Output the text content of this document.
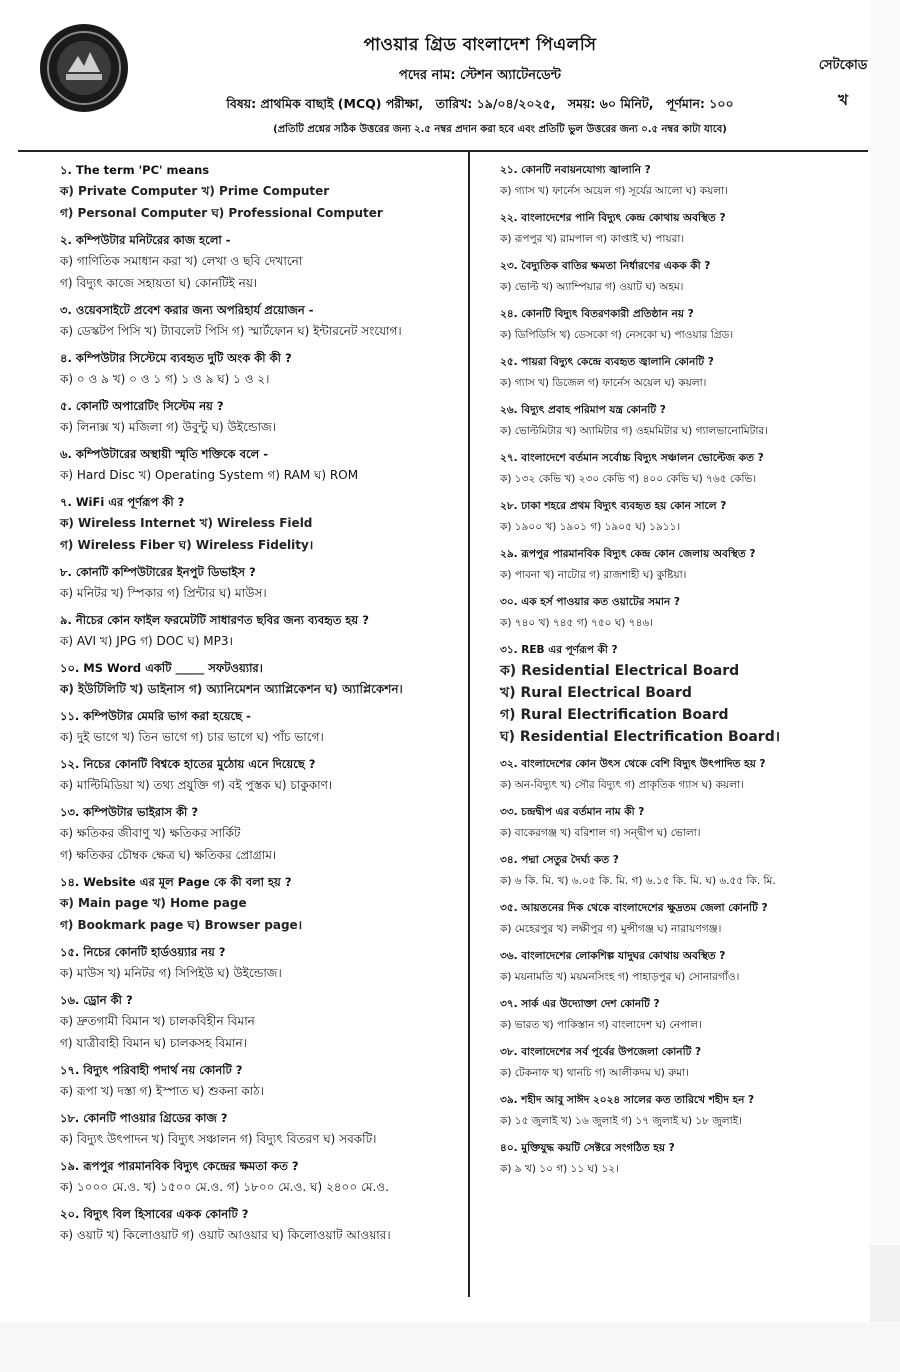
পাওয়ার গ্রিড বাংলাদেশ পিএলসি
পদের নাম: স্টেশন অ্যাটেনডেন্ট
বিষয়: প্রাথমিক বাছাই (MCQ) পরীক্ষা, তারিখ: ১৯/০৪/২০২৫, সময়: ৬০ মিনিট, পূর্ণমান: ১০০
(প্রতিটি প্রশ্নের সঠিক উত্তরের জন্য ২.৫ নম্বর প্রদান করা হবে এবং প্রতিটি ভুল উত্তরের জন্য ০.৫ নম্বর কাটা যাবে)
সেটকোড
খ
১. The term 'PC' means
ক) Private Computer খ) Prime Computer
গ) Personal Computer ঘ) Professional Computer
২. কম্পিউটার মনিটরের কাজ হলো -
ক) গাণিতিক সমাধান করা খ) লেখা ও ছবি দেখানো
গ) বিদ্যুৎ কাজে সহায়তা ঘ) কোনটিই নয়।
৩. ওয়েবসাইটে প্রবেশ করার জন্য অপরিহার্য প্রয়োজন -
ক) ডেস্কটপ পিসি খ) ট্যাবলেট পিসি গ) স্মার্টফোন ঘ) ইন্টারনেট সংযোগ।
৪. কম্পিউটার সিস্টেমে ব্যবহৃত দুটি অংক কী কী ?
ক) ০ ও ৯ খ) ০ ও ১ গ) ১ ও ৯ ঘ) ১ ও ২।
৫. কোনটি অপারেটিং সিস্টেম নয় ?
ক) লিনাক্স খ) মজিলা গ) উবুন্টু ঘ) উইন্ডোজ।
৬. কম্পিউটারের অস্থায়ী স্মৃতি শক্তিকে বলে -
ক) Hard Disc খ) Operating System গ) RAM ঘ) ROM
৭. WiFi এর পূর্ণরূপ কী ?
ক) Wireless Internet খ) Wireless Field
গ) Wireless Fiber ঘ) Wireless Fidelity।
৮. কোনটি কম্পিউটারের ইনপুট ডিভাইস ?
ক) মনিটর খ) স্পিকার গ) প্রিন্টার ঘ) মাউস।
৯. নীচের কোন ফাইল ফরমেটটি সাধারণত ছবির জন্য ব্যবহৃত হয় ?
ক) AVI খ) JPG গ) DOC ঘ) MP3।
১০. MS Word একটি _____ সফটওয়্যার।
ক) ইউটিলিটি খ) ডাইনাস গ) অ্যানিমেশন অ্যাপ্লিকেশন ঘ) অ্যাপ্লিকেশন।
১১. কম্পিউটার মেমরি ভাগ করা হয়েছে -
ক) দুই ভাগে খ) তিন ভাগে গ) চার ভাগে ঘ) পাঁচ ভাগে।
১২. নিচের কোনটি বিশ্বকে হাতের মুঠোয় এনে দিয়েছে ?
ক) মাল্টিমিডিয়া খ) তথ্য প্রযুক্তি গ) বই পুস্তক ঘ) চাকুকাণ।
১৩. কম্পিউটার ভাইরাস কী ?
ক) ক্ষতিকর জীবাণু খ) ক্ষতিকর সার্কিট
গ) ক্ষতিকর চৌম্বক ক্ষেত্র ঘ) ক্ষতিকর প্রোগ্রাম।
১৪. Website এর মূল Page কে কী বলা হয় ?
ক) Main page খ) Home page
গ) Bookmark page ঘ) Browser page।
১৫. নিচের কোনটি হার্ডওয়্যার নয় ?
ক) মাউস খ) মনিটর গ) সিপিইউ ঘ) উইন্ডোজ।
১৬. ড্রোন কী ?
ক) দ্রুতগামী বিমান খ) চালকবিহীন বিমান
গ) যাত্রীবাহী বিমান ঘ) চালকসহ বিমান।
১৭. বিদ্যুৎ পরিবাহী পদার্থ নয় কোনটি ?
ক) রূপা খ) দস্তা গ) ইস্পাত ঘ) শুকনা কাঠ।
১৮. কোনটি পাওয়ার গ্রিডের কাজ ?
ক) বিদ্যুৎ উৎপাদন খ) বিদ্যুৎ সঞ্চালন গ) বিদ্যুৎ বিতরণ ঘ) সবকটি।
১৯. রূপপুর পারমানবিক বিদ্যুৎ কেন্দ্রের ক্ষমতা কত ?
ক) ১০০০ মে.ও. খ) ১৫০০ মে.ও. গ) ১৮০০ মে.ও. ঘ) ২৪০০ মে.ও.
২০. বিদ্যুৎ বিল হিসাবের একক কোনটি ?
ক) ওয়াট খ) কিলোওয়াট গ) ওয়াট আওয়ার ঘ) কিলোওয়াট আওয়ার।
২১. কোনটি নবায়নযোগ্য জ্বালানি ?
ক) গ্যাস খ) ফার্নেস অয়েল গ) সূর্যের আলো ঘ) কয়লা।
২২. বাংলাদেশের পানি বিদ্যুৎ কেন্দ্র কোথায় অবস্থিত ?
ক) রূপপুর খ) রামপাল গ) কাপ্তাই ঘ) পায়রা।
২৩. বৈদ্যুতিক বাতির ক্ষমতা নির্ধারণের একক কী ?
ক) ভোল্ট খ) অ্যাম্পিয়ার গ) ওয়াট ঘ) অহম।
২৪. কোনটি বিদ্যুৎ বিতরণকারী প্রতিষ্ঠান নয় ?
ক) ডিপিডিসি খ) ডেসকো গ) নেসকো ঘ) পাওয়ার গ্রিড।
২৫. পায়রা বিদ্যুৎ কেন্দ্রে ব্যবহৃত জ্বালানি কোনটি ?
ক) গ্যাস খ) ডিজেল গ) ফার্নেস অয়েল ঘ) কয়লা।
২৬. বিদ্যুৎ প্রবাহ পরিমাপ যন্ত্র কোনটি ?
ক) ভোল্টমিটার খ) অ্যামিটার গ) ওহমমিটার ঘ) গ্যালভানোমিটার।
২৭. বাংলাদেশে বর্তমান সর্বোচ্চ বিদ্যুৎ সঞ্চালন ভোল্টেজ কত ?
ক) ১৩২ কেভি খ) ২৩০ কেভি গ) ৪০০ কেভি ঘ) ৭৬৫ কেভি।
২৮. ঢাকা শহরে প্রথম বিদ্যুৎ ব্যবহৃত হয় কোন সালে ?
ক) ১৯০০ খ) ১৯০১ গ) ১৯০৫ ঘ) ১৯১১।
২৯. রূপপুর পারমানবিক বিদ্যুৎ কেন্দ্র কোন জেলায় অবস্থিত ?
ক) পাবনা খ) নাটোর গ) রাজশাহী ঘ) কুষ্টিয়া।
৩০. এক হর্স পাওয়ার কত ওয়াটের সমান ?
ক) ৭৪০ খ) ৭৪৫ গ) ৭৫০ ঘ) ৭৪৬।
৩১. REB এর পূর্ণরূপ কী ?
ক) Residential Electrical Board
খ) Rural Electrical Board
গ) Rural Electrification Board
ঘ) Residential Electrification Board।
৩২. বাংলাদেশের কোন উৎস থেকে বেশি বিদ্যুৎ উৎপাদিত হয় ?
ক) অন-বিদ্যুৎ খ) সৌর বিদ্যুৎ গ) প্রাকৃতিক গ্যাস ঘ) কয়লা।
৩৩. চন্দ্রদ্বীপ এর বর্তমান নাম কী ?
ক) বাকেরগঞ্জ খ) বরিশাল গ) সন্দ্বীপ ঘ) ভোলা।
৩৪. পদ্মা সেতুর দৈর্ঘ্য কত ?
ক) ৬ কি. মি. খ) ৬.০৫ কি. মি. গ) ৬.১৫ কি. মি. ঘ) ৬.৫৫ কি. মি.
৩৫. আয়তনের দিক থেকে বাংলাদেশের ক্ষুদ্রতম জেলা কোনটি ?
ক) মেহেরপুর খ) লক্ষীপুর গ) মুন্সীগঞ্জ ঘ) নারায়ণগঞ্জ।
৩৬. বাংলাদেশের লোকশিল্প যাদুঘর কোথায় অবস্থিত ?
ক) ময়নামতি খ) ময়মনসিংহ গ) পাহাড়পুর ঘ) সোনারগাঁও।
৩৭. সার্ক এর উদ্যোক্তা দেশ কোনটি ?
ক) ভারত খ) পাকিস্তান গ) বাংলাদেশ ঘ) নেপাল।
৩৮. বাংলাদেশের সর্ব পূর্বের উপজেলা কোনটি ?
ক) টেকনাফ খ) থানচি গ) আলীকদম ঘ) রুমা।
৩৯. শহীদ আবু সাঈদ ২০২৪ সালের কত তারিখে শহীদ হন ?
ক) ১৫ জুলাই খ) ১৬ জুলাই গ) ১৭ জুলাই ঘ) ১৮ জুলাই।
৪০. মুক্তিযুদ্ধ কয়টি সেক্টরে সংগঠিত হয় ?
ক) ৯ খ) ১০ গ) ১১ ঘ) ১২।
